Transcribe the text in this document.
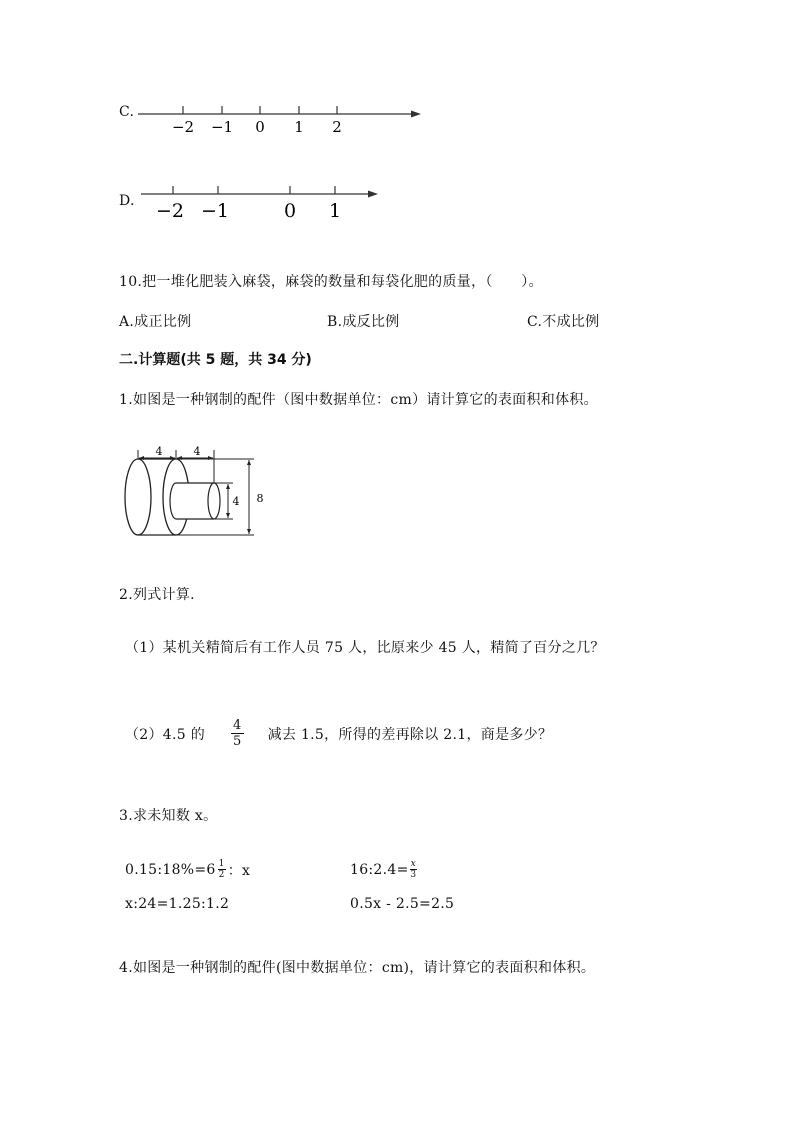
C.
−2 −1 0 1 2
D. −2 −1	0 1
10.把一堆化肥装入麻袋，麻袋的数量和每袋化肥的质量，（　　）。
A.成正比例	B.成反比例	C.不成比例
二.计算题(共 5 题，共 34 分)
1.如图是一种钢制的配件（图中数据单位：cm）请计算它的表面积和体积。
4	4
4 8
2.列式计算.
（1）某机关精简后有工作人员 75 人，比原来少 45 人，精简了百分之几？
（2）4.5 的 $\frac{4}{5}$ 减去 1.5，所得的差再除以 2.1，商是多少？
3.求未知数 x。
0.15:18%=6 $\frac{1}{2}$ ：x	16:2.4= $\frac{x}{3}$
x:24=1.25:1.2	0.5x - 2.5=2.5
4.如图是一种钢制的配件(图中数据单位：cm)，请计算它的表面积和体积。
